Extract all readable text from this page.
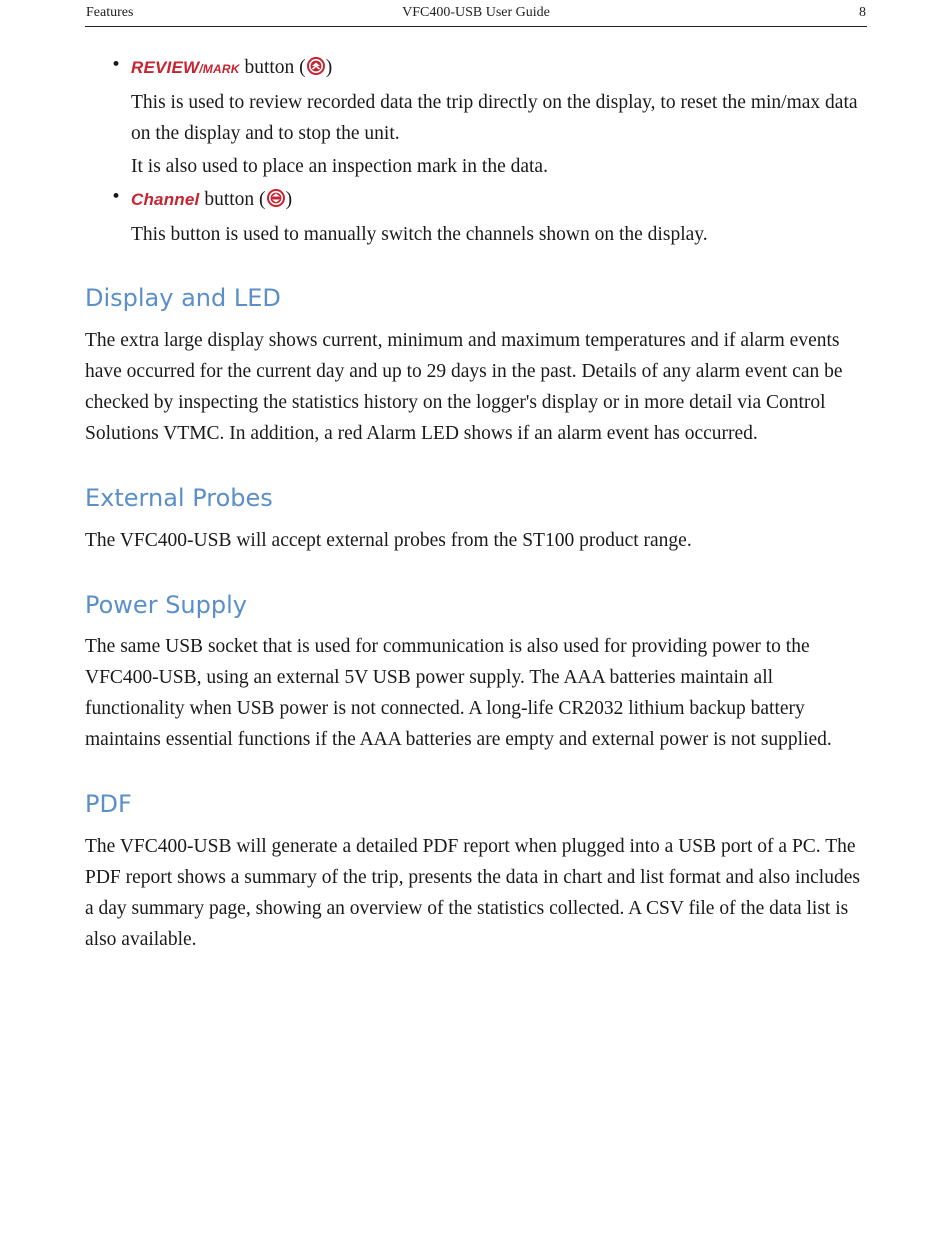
Features	VFC400-USB User Guide	8
• REVIEW/MARK button ( )

This is used to review recorded data the trip directly on the display, to reset the min/max data on the display and to stop the unit.

It is also used to place an inspection mark in the data.

• Channel button ( )

This button is used to manually switch the channels shown on the display.

Display and LED

The extra large display shows current, minimum and maximum temperatures and if alarm events have occurred for the current day and up to 29 days in the past. Details of any alarm event can be checked by inspecting the statistics history on the logger's display or in more detail via Control Solutions VTMC. In addition, a red Alarm LED shows if an alarm event has occurred.

External Probes

The VFC400-USB will accept external probes from the ST100 product range.

Power Supply

The same USB socket that is used for communication is also used for providing power to the VFC400-USB, using an external 5V USB power supply. The AAA batteries maintain all functionality when USB power is not connected. A long-life CR2032 lithium backup battery maintains essential functions if the AAA batteries are empty and external power is not supplied.

PDF

The VFC400-USB will generate a detailed PDF report when plugged into a USB port of a PC. The PDF report shows a summary of the trip, presents the data in chart and list format and also includes a day summary page, showing an overview of the statistics collected. A CSV file of the data list is also available.
